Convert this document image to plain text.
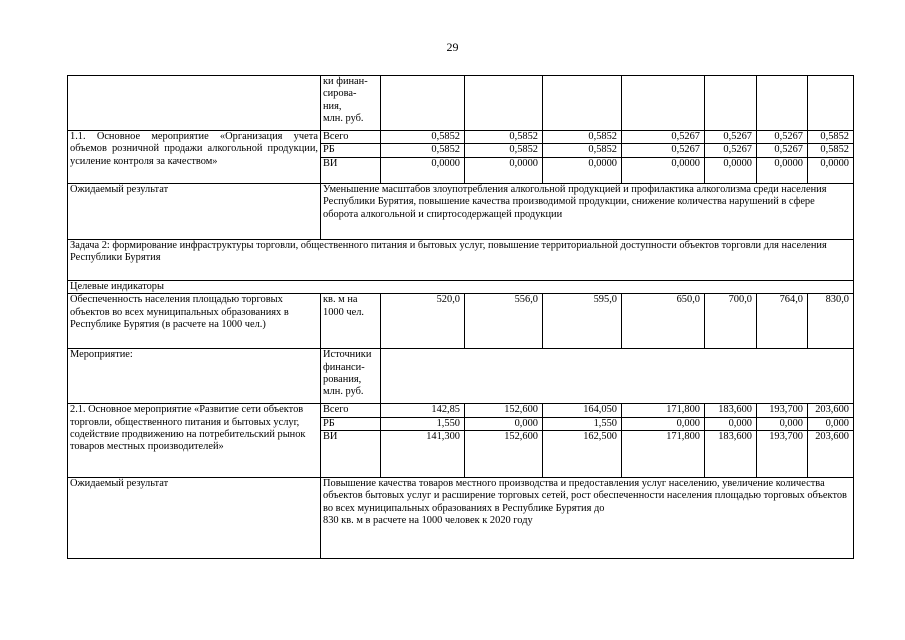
29
	ки финан-
сирова-
ния,
млн. руб.							
1.1. Основное мероприятие «Организация учета объемов розничной продажи алкогольной продукции, усиление контроля за качеством»	Всего	0,5852	0,5852	0,5852	0,5267	0,5267	0,5267	0,5852
	РБ	0,5852	0,5852	0,5852	0,5267	0,5267	0,5267	0,5852
	ВИ	0,0000	0,0000	0,0000	0,0000	0,0000	0,0000	0,0000
Ожидаемый результат	Уменьшение масштабов злоупотребления алкогольной продукцией и профилактика алкоголизма среди населения Республики Бурятия, повышение качества производимой продукции, снижение количества нарушений в сфере оборота алкогольной и спиртосодержащей продукции							
Задача 2: формирование инфраструктуры торговли, общественного питания и бытовых услуг, повышение территориальной доступности объектов торговли для населения Республики Бурятия								
Целевые индикаторы								
Обеспеченность населения площадью торговых объектов во всех муниципальных образованиях в Республике Бурятия (в расчете на 1000 чел.)	кв. м на 1000 чел.	520,0	556,0	595,0	650,0	700,0	764,0	830,0
Мероприятие:	Источники
финанси-
рования,
млн. руб.							
2.1. Основное мероприятие «Развитие сети объектов торговли, общественного питания и бытовых услуг, содействие продвижению на потребительский рынок товаров местных производителей»	Всего	142,85	152,600	164,050	171,800	183,600	193,700	203,600
	РБ	1,550	0,000	1,550	0,000	0,000	0,000	0,000
	ВИ	141,300	152,600	162,500	171,800	183,600	193,700	203,600
Ожидаемый результат	Повышение качества товаров местного производства и предоставления услуг населению, увеличение количества объектов бытовых услуг и расширение торговых сетей, рост обеспеченности населения площадью торговых объектов во всех муниципальных образованиях в Республике Бурятия до
830 кв. м в расчете на 1000 человек к 2020 году							
